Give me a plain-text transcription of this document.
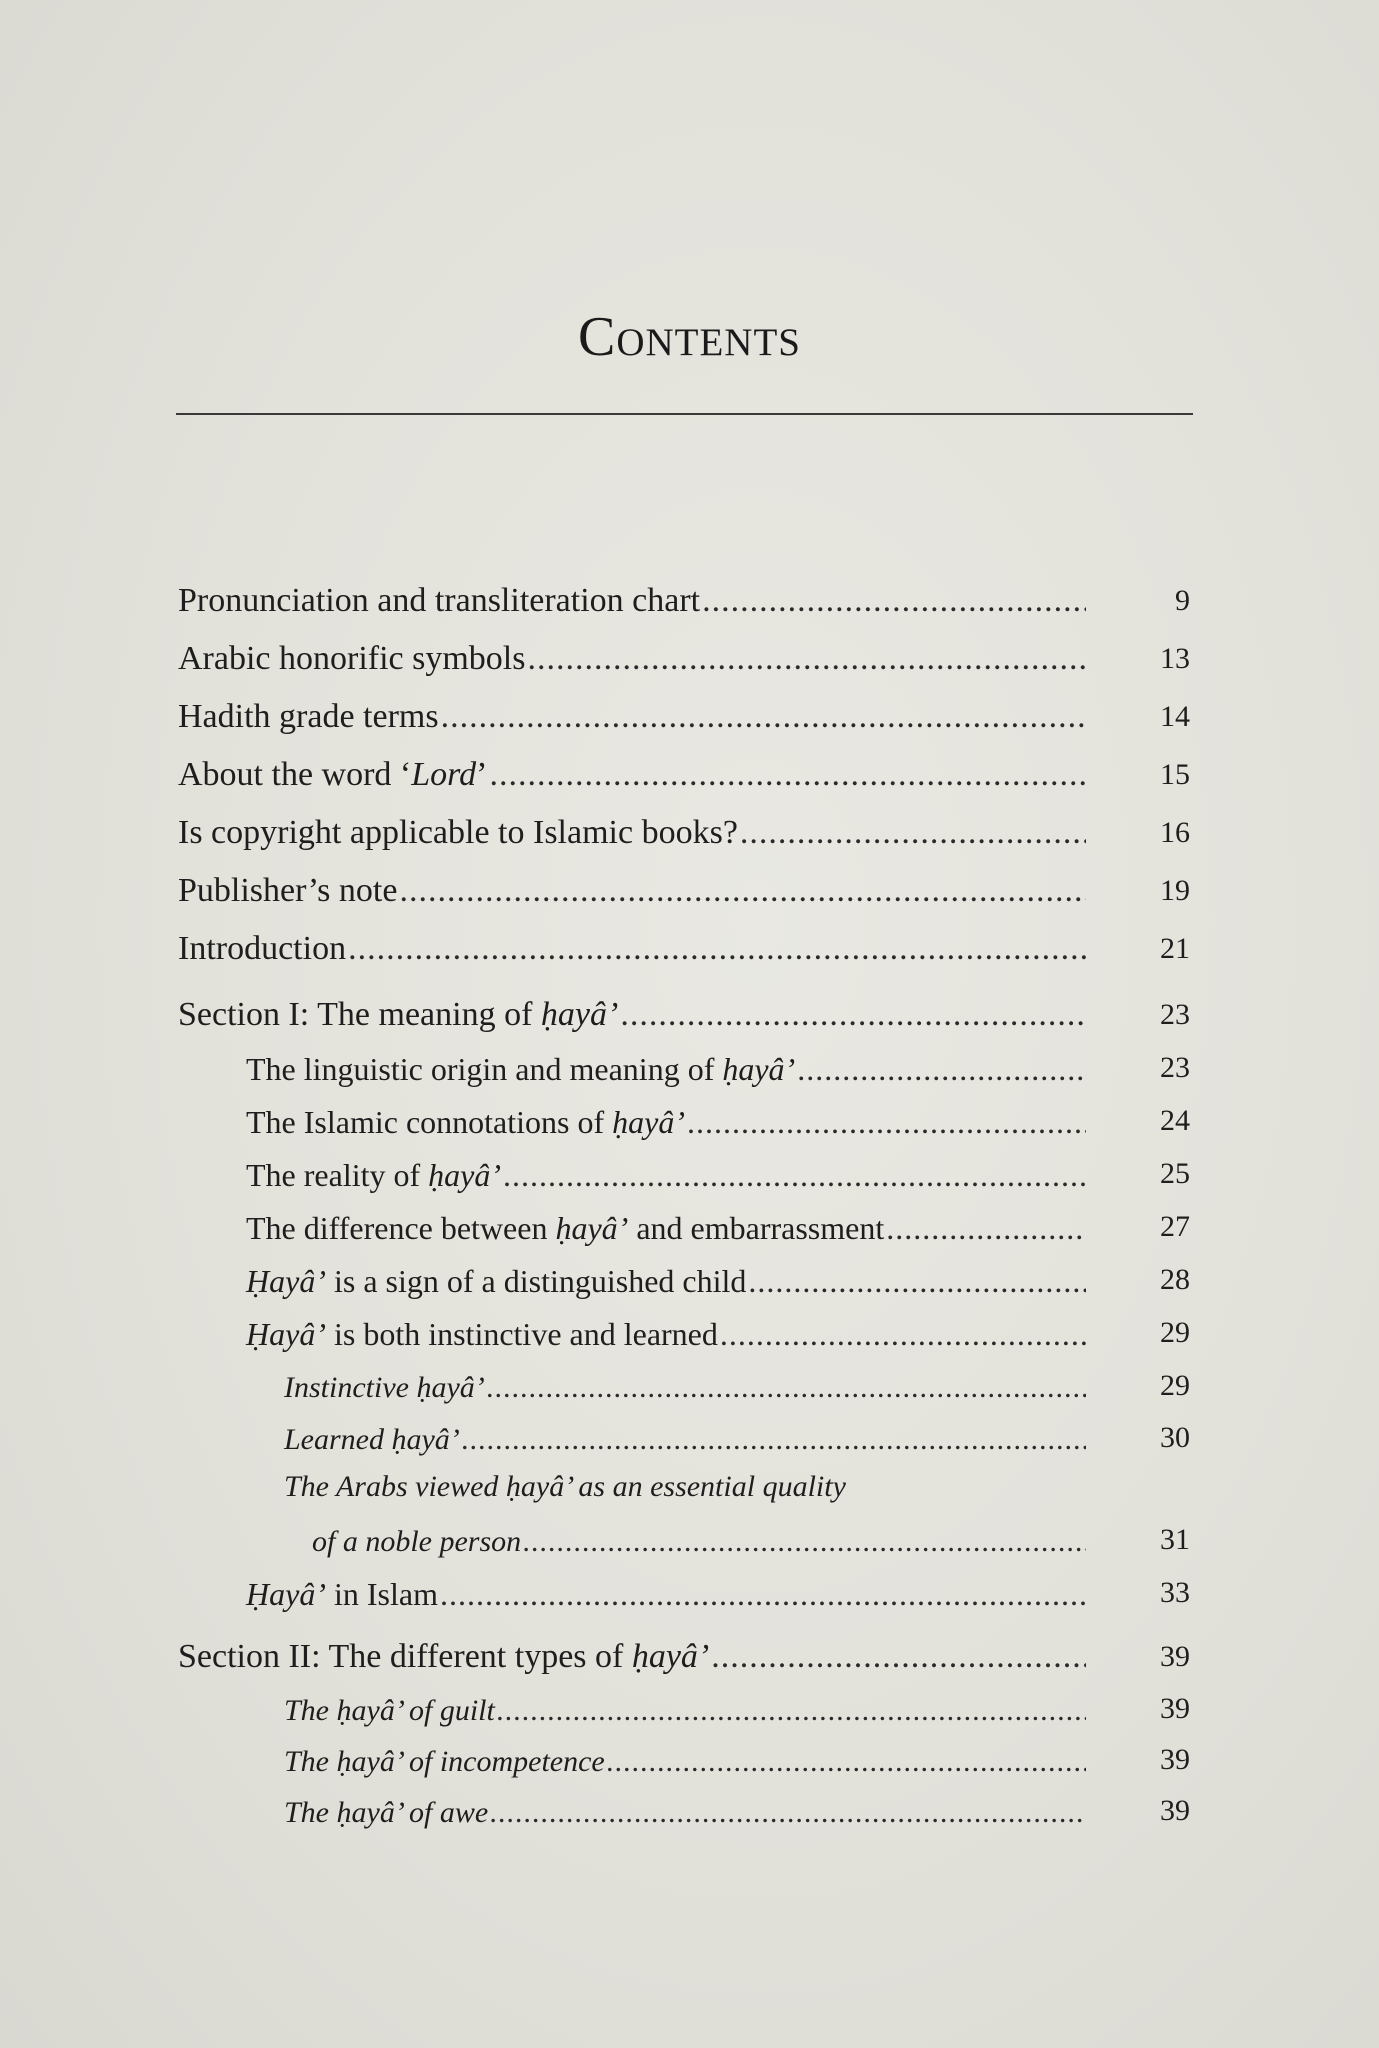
Contents
Pronunciation and transliteration chart .....	9
Arabic honorific symbols .....	13
Hadith grade terms .....	14
About the word ‘Lord’ .....	15
Is copyright applicable to Islamic books? .....	16
Publisher’s note .....	19
Introduction .....	21
Section I: The meaning of ḥayâ’ .....	23
The linguistic origin and meaning of ḥayâ’ .....	23
The Islamic connotations of ḥayâ’ .....	24
The reality of ḥayâ’ .....	25
The difference between ḥayâ’ and embarrassment .....	27
Ḥayâ’ is a sign of a distinguished child .....	28
Ḥayâ’ is both instinctive and learned .....	29
Instinctive ḥayâ’ .....	29
Learned ḥayâ’ .....	30
The Arabs viewed ḥayâ’ as an essential quality
of a noble person .....	31
Ḥayâ’ in Islam .....	33
Section II: The different types of ḥayâ’ .....	39
The ḥayâ’ of guilt .....	39
The ḥayâ’ of incompetence .....	39
The ḥayâ’ of awe .....	39
